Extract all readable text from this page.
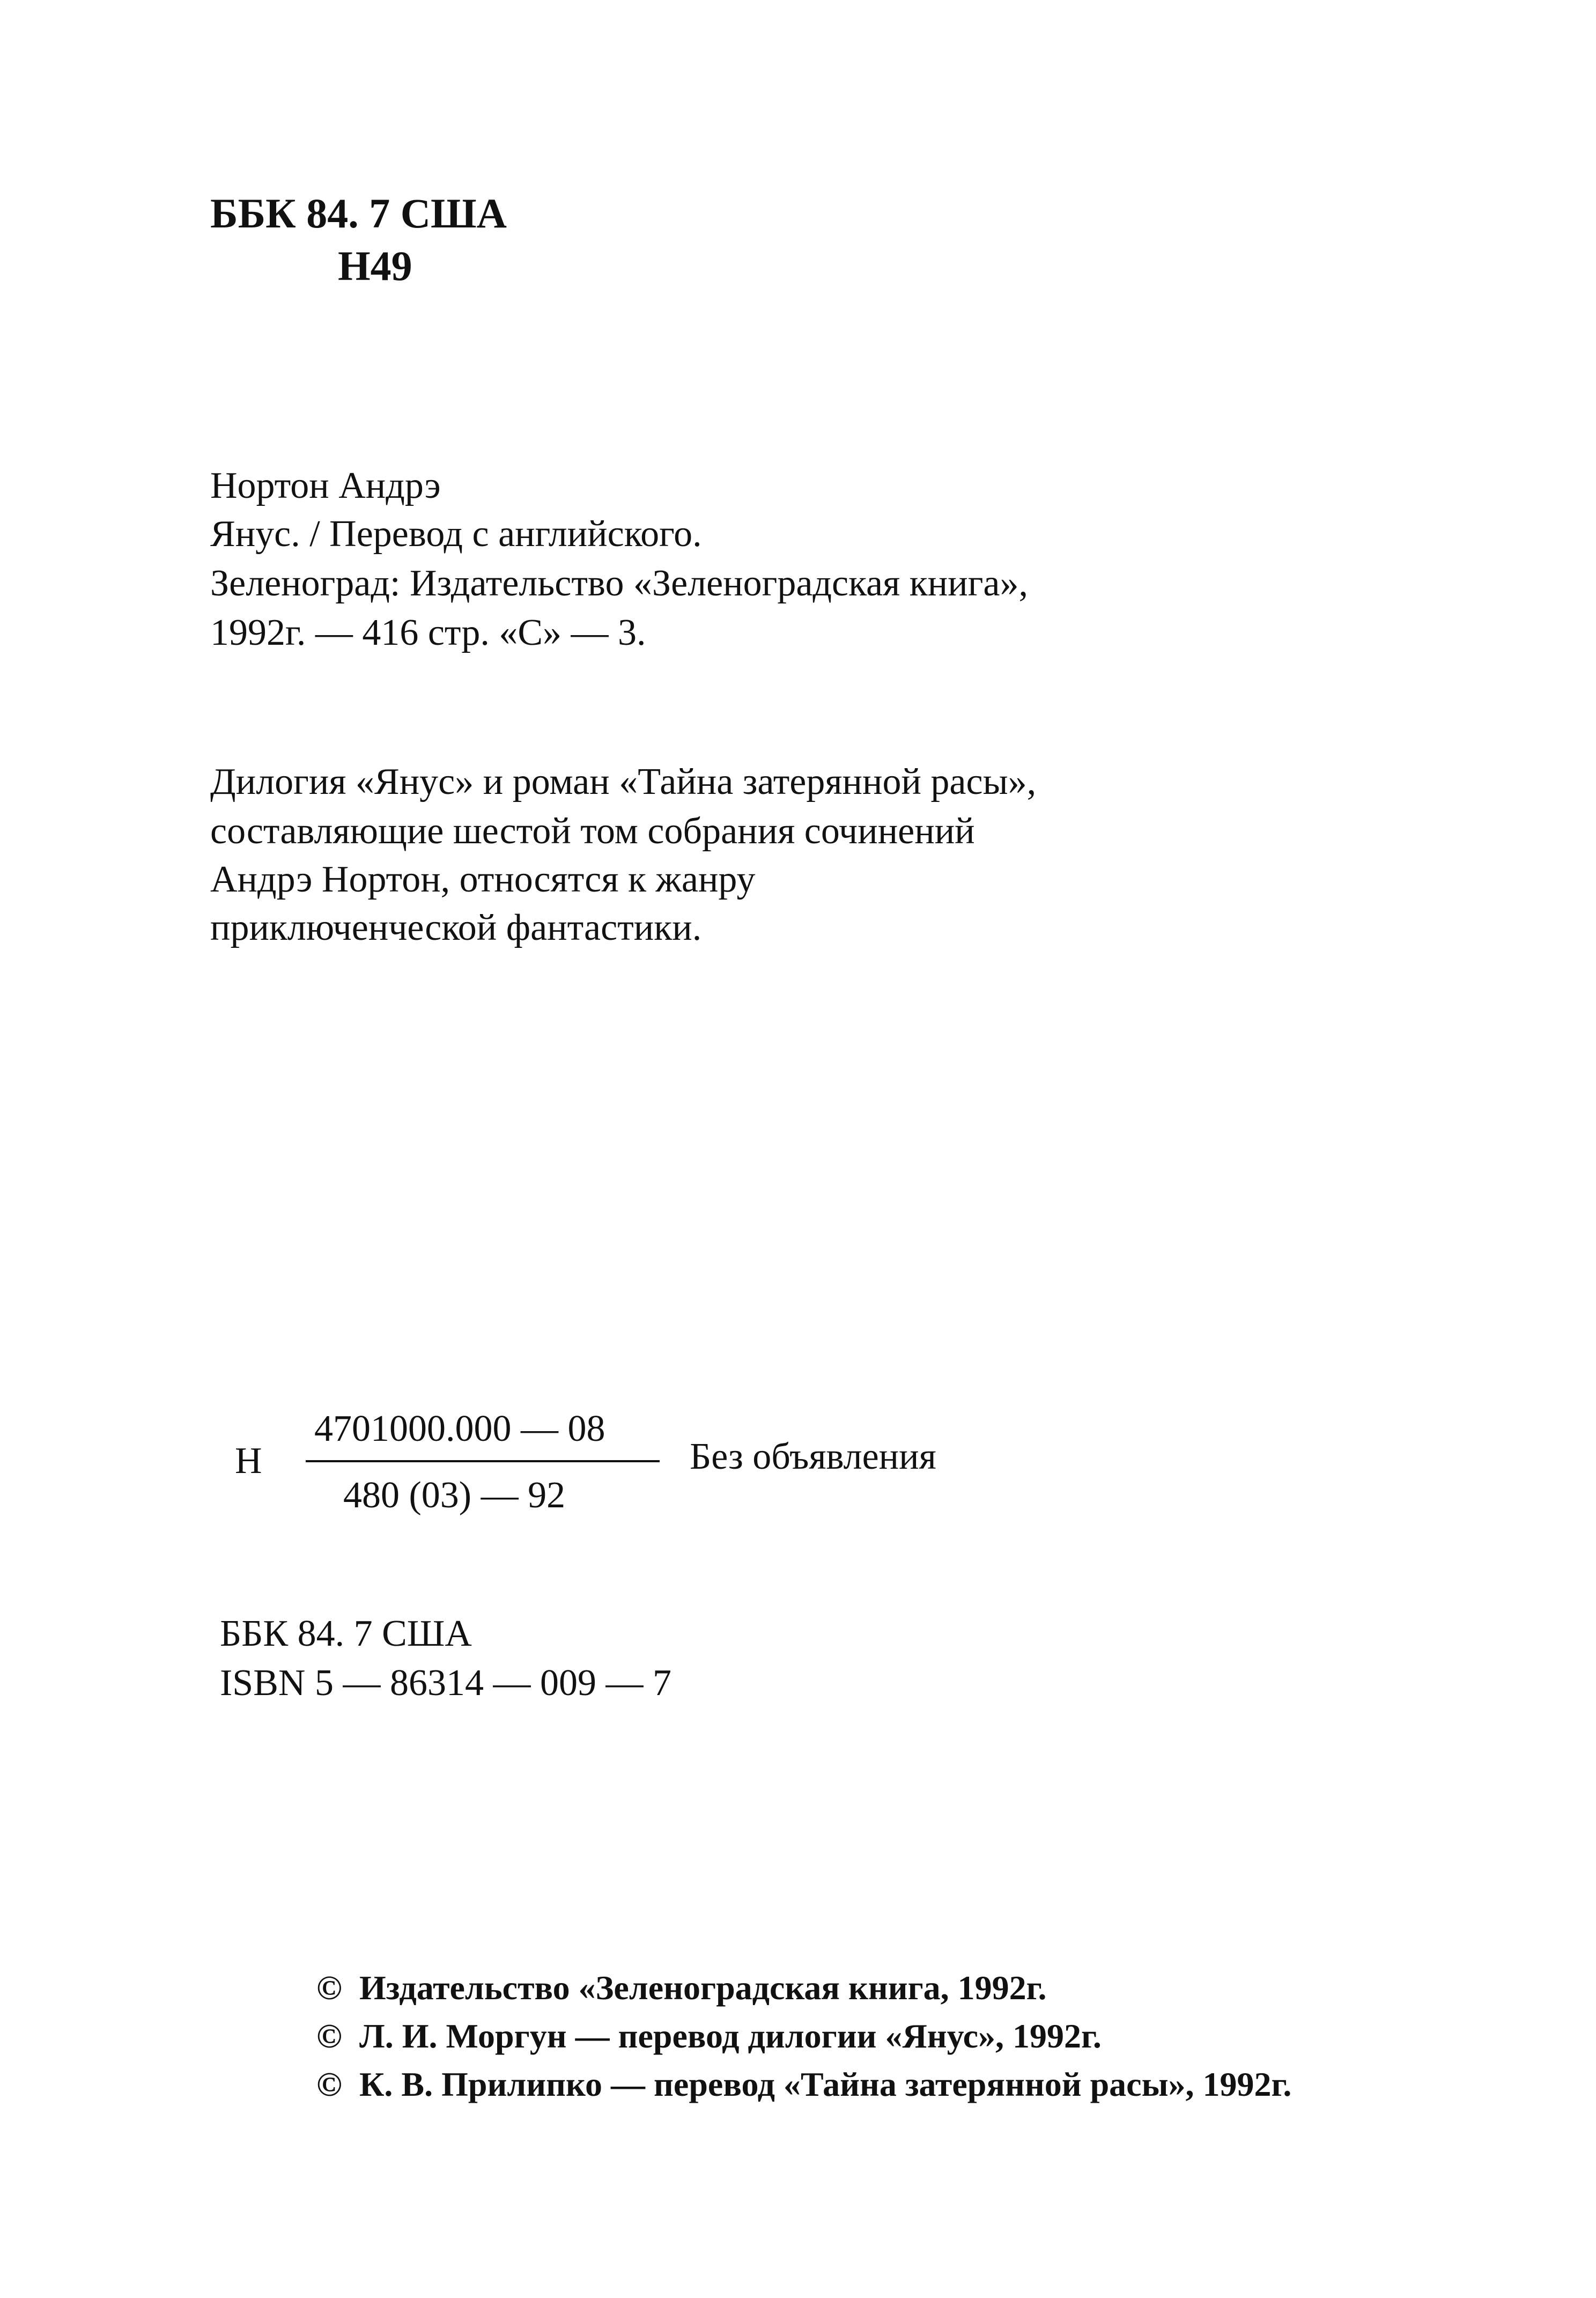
ББК 84. 7 США
Н49
Нортон Андрэ
Янус. / Перевод с английского.
Зеленоград: Издательство «Зеленоградская книга»,
1992г. — 416 стр. «С» — 3.
Дилогия «Янус» и роман «Тайна затерянной расы»,
составляющие шестой том собрания сочинений
Андрэ Нортон, относятся к жанру
приключенческой фантастики.
Н
4701000.000 — 08
480 (03) — 92
Без объявления
ББК 84. 7 США
ISBN 5 — 86314 — 009 — 7
© Издательство «Зеленоградская книга, 1992г.
© Л. И. Моргун — перевод дилогии «Янус», 1992г.
© К. В. Прилипко — перевод «Тайна затерянной расы», 1992г.
